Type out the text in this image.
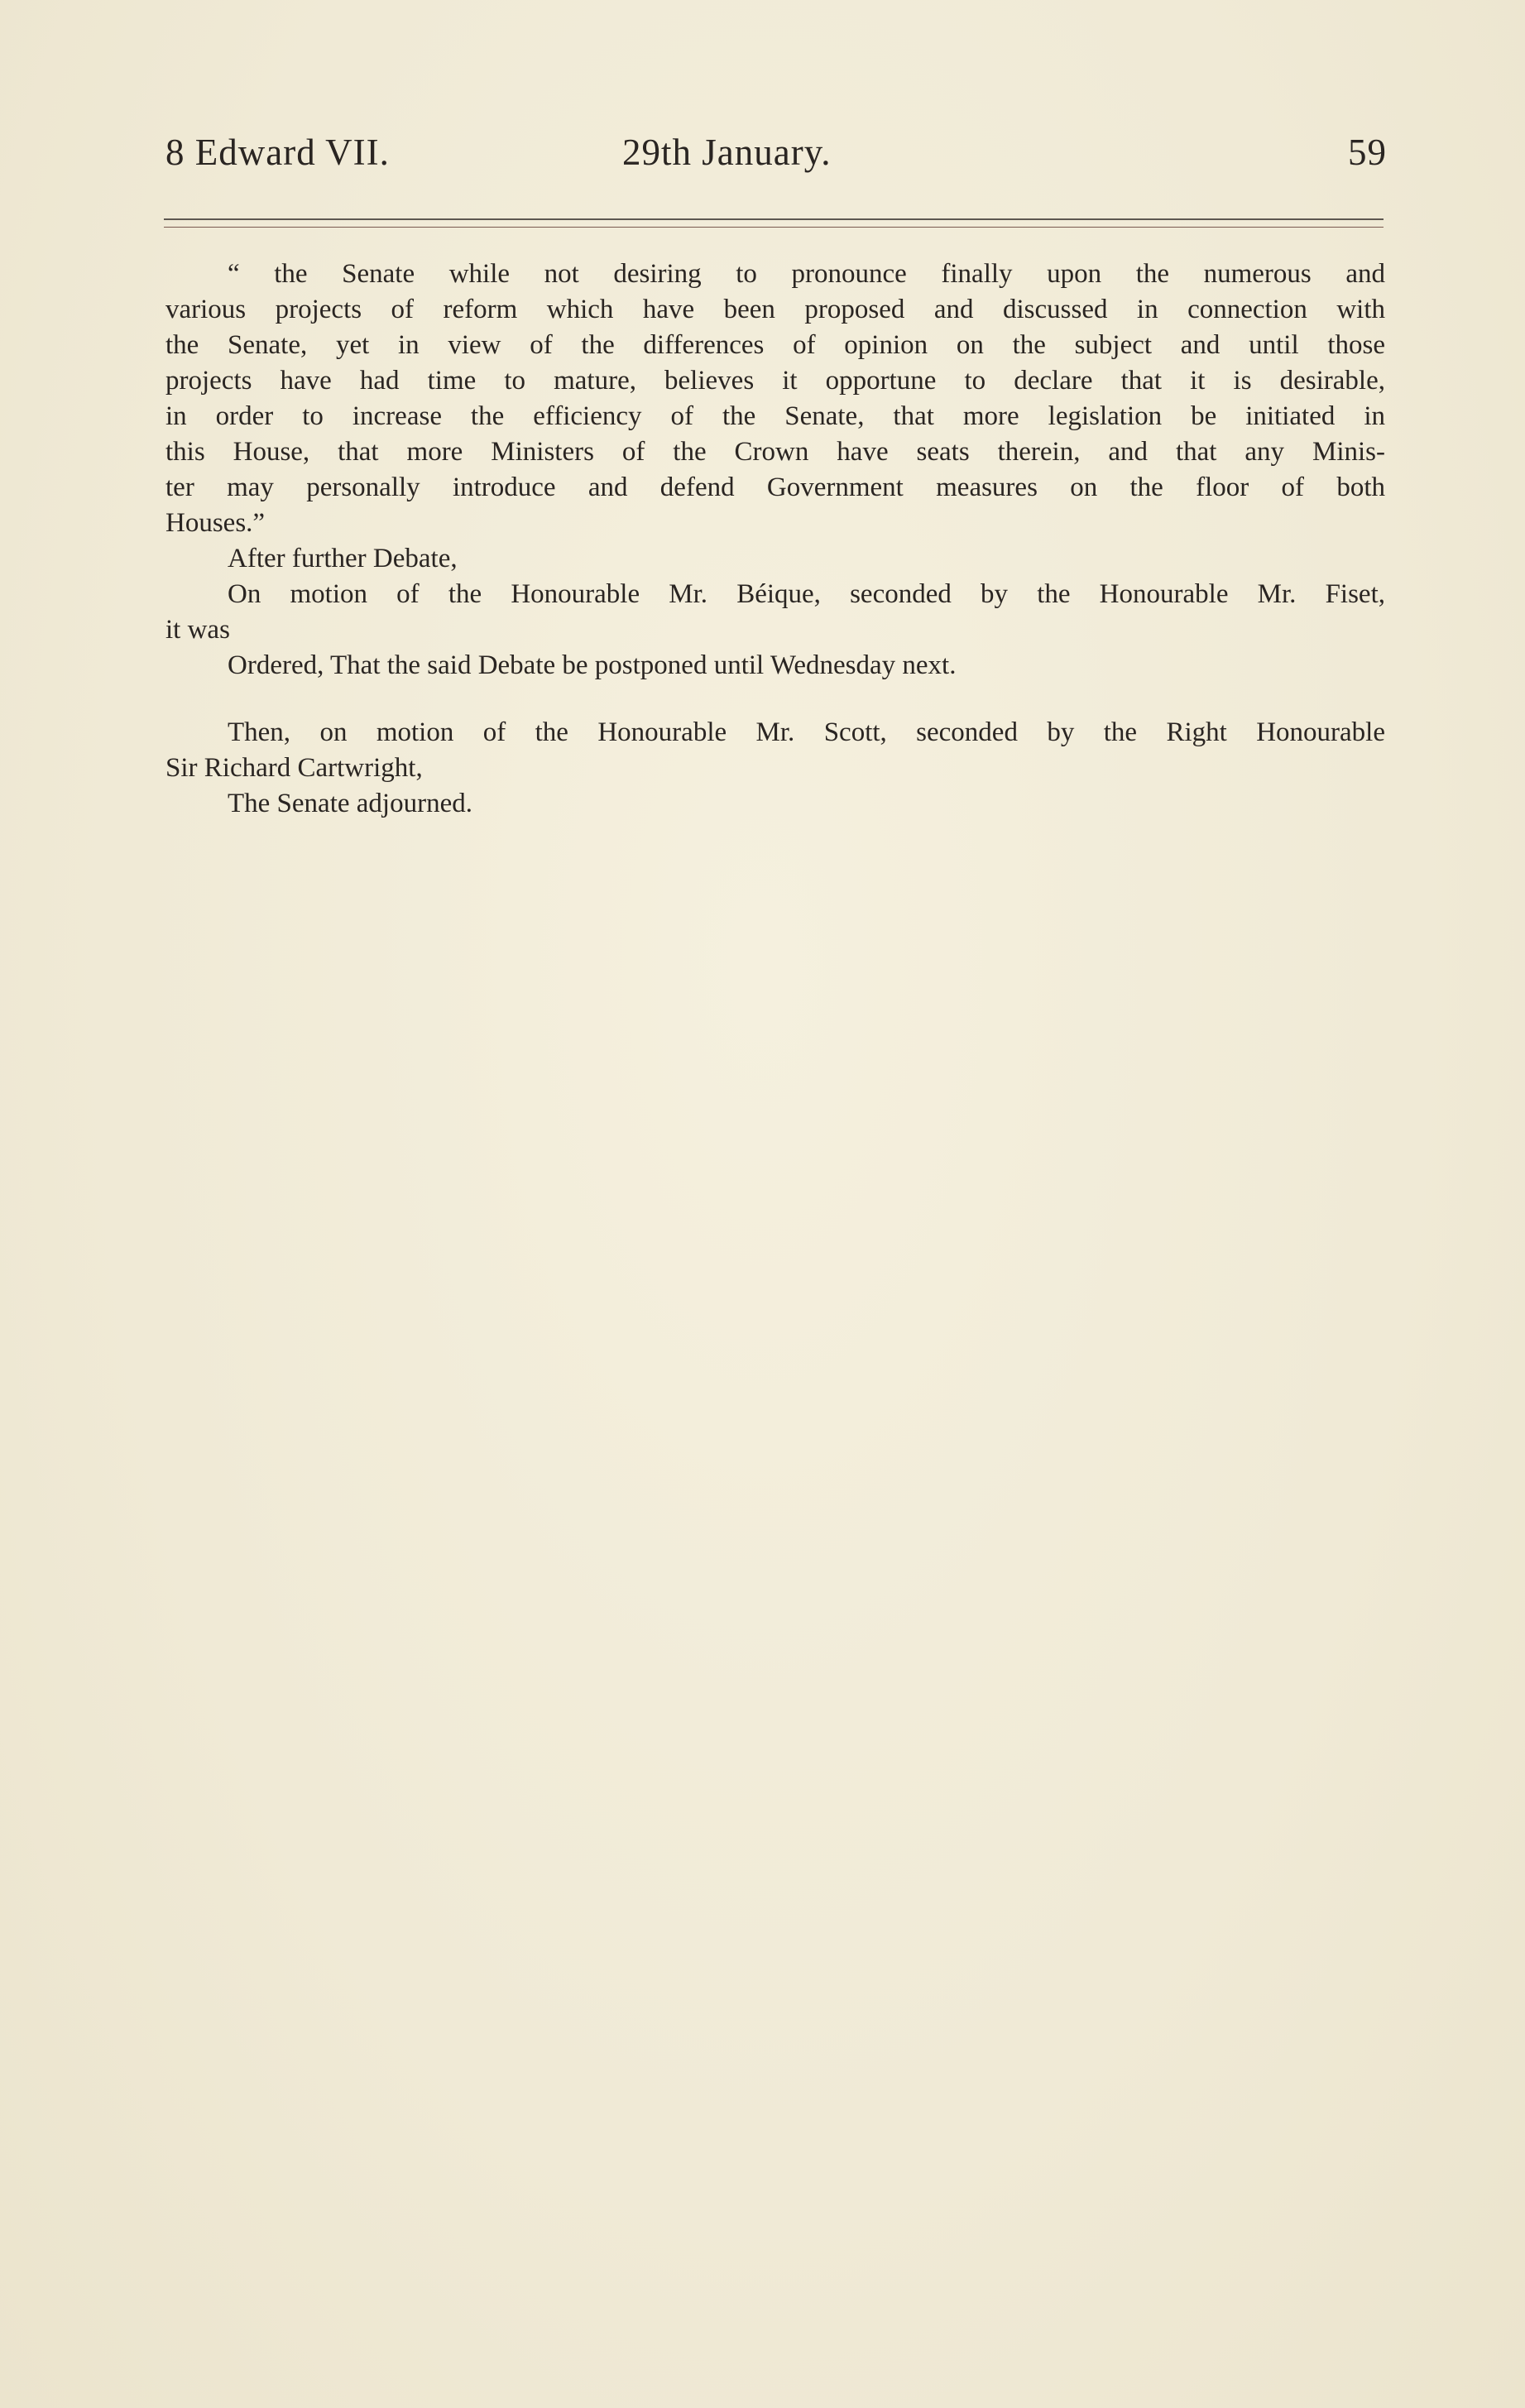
8 Edward VII.	29th January.	59
“ the Senate while not desiring to pronounce finally upon the numerous and
various projects of reform which have been proposed and discussed in connection with
the Senate, yet in view of the differences of opinion on the subject and until those
projects have had time to mature, believes it opportune to declare that it is desirable,
in order to increase the efficiency of the Senate, that more legislation be initiated in
this House, that more Ministers of the Crown have seats therein, and that any Minis-
ter may personally introduce and defend Government measures on the floor of both
Houses.”
After further Debate,
On motion of the Honourable Mr. Béique, seconded by the Honourable Mr. Fiset,
it was
Ordered, That the said Debate be postponed until Wednesday next.
Then, on motion of the Honourable Mr. Scott, seconded by the Right Honourable
Sir Richard Cartwright,
The Senate adjourned.
